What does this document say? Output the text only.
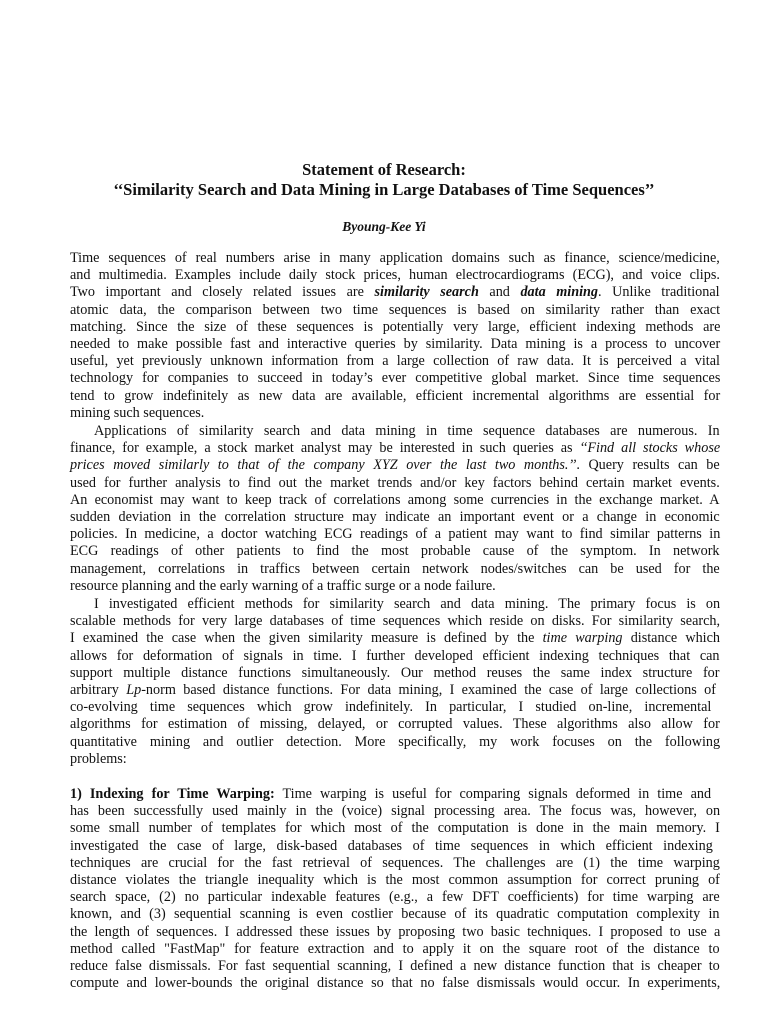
Statement of Research:

‘‘Similarity Search and Data Mining in Large Databases of Time Sequences’’

Byoung-Kee Yi

Time sequences of real numbers arise in many application domains such as finance, science/medicine,
and multimedia. Examples include daily stock prices, human electrocardiograms (ECG), and voice clips.
Two important and closely related issues are similarity search and data mining. Unlike traditional
atomic data, the comparison between two time sequences is based on similarity rather than exact
matching. Since the size of these sequences is potentially very large, efficient indexing methods are
needed to make possible fast and interactive queries by similarity. Data mining is a process to uncover
useful, yet previously unknown information from a large collection of raw data. It is perceived a vital
technology for companies to succeed in today’s ever competitive global market. Since time sequences
tend to grow indefinitely as new data are available, efficient incremental algorithms are essential for
mining such sequences.
Applications of similarity search and data mining in time sequence databases are numerous. In
finance, for example, a stock market analyst may be interested in such queries as ‘‘Find all stocks whose
prices moved similarly to that of the company XYZ over the last two months.’’. Query results can be
used for further analysis to find out the market trends and/or key factors behind certain market events.
An economist may want to keep track of correlations among some currencies in the exchange market. A
sudden deviation in the correlation structure may indicate an important event or a change in economic
policies. In medicine, a doctor watching ECG readings of a patient may want to find similar patterns in
ECG readings of other patients to find the most probable cause of the symptom. In network
management, correlations in traffics between certain network nodes/switches can be used for the
resource planning and the early warning of a traffic surge or a node failure.
I investigated efficient methods for similarity search and data mining. The primary focus is on
scalable methods for very large databases of time sequences which reside on disks. For similarity search,
I examined the case when the given similarity measure is defined by the time warping distance which
allows for deformation of signals in time. I further developed efficient indexing techniques that can
support multiple distance functions simultaneously. Our method reuses the same index structure for
arbitrary Lp-norm based distance functions. For data mining, I examined the case of large collections of
co-evolving time sequences which grow indefinitely. In particular, I studied on-line, incremental
algorithms for estimation of missing, delayed, or corrupted values. These algorithms also allow for
quantitative mining and outlier detection. More specifically, my work focuses on the following
problems:
1) Indexing for Time Warping: Time warping is useful for comparing signals deformed in time and
has been successfully used mainly in the (voice) signal processing area. The focus was, however, on
some small number of templates for which most of the computation is done in the main memory. I
investigated the case of large, disk-based databases of time sequences in which efficient indexing
techniques are crucial for the fast retrieval of sequences. The challenges are (1) the time warping
distance violates the triangle inequality which is the most common assumption for correct pruning of
search space, (2) no particular indexable features (e.g., a few DFT coefficients) for time warping are
known, and (3) sequential scanning is even costlier because of its quadratic computation complexity in
the length of sequences. I addressed these issues by proposing two basic techniques. I proposed to use a
method called "FastMap" for feature extraction and to apply it on the square root of the distance to
reduce false dismissals. For fast sequential scanning, I defined a new distance function that is cheaper to
compute and lower-bounds the original distance so that no false dismissals would occur. In experiments,
